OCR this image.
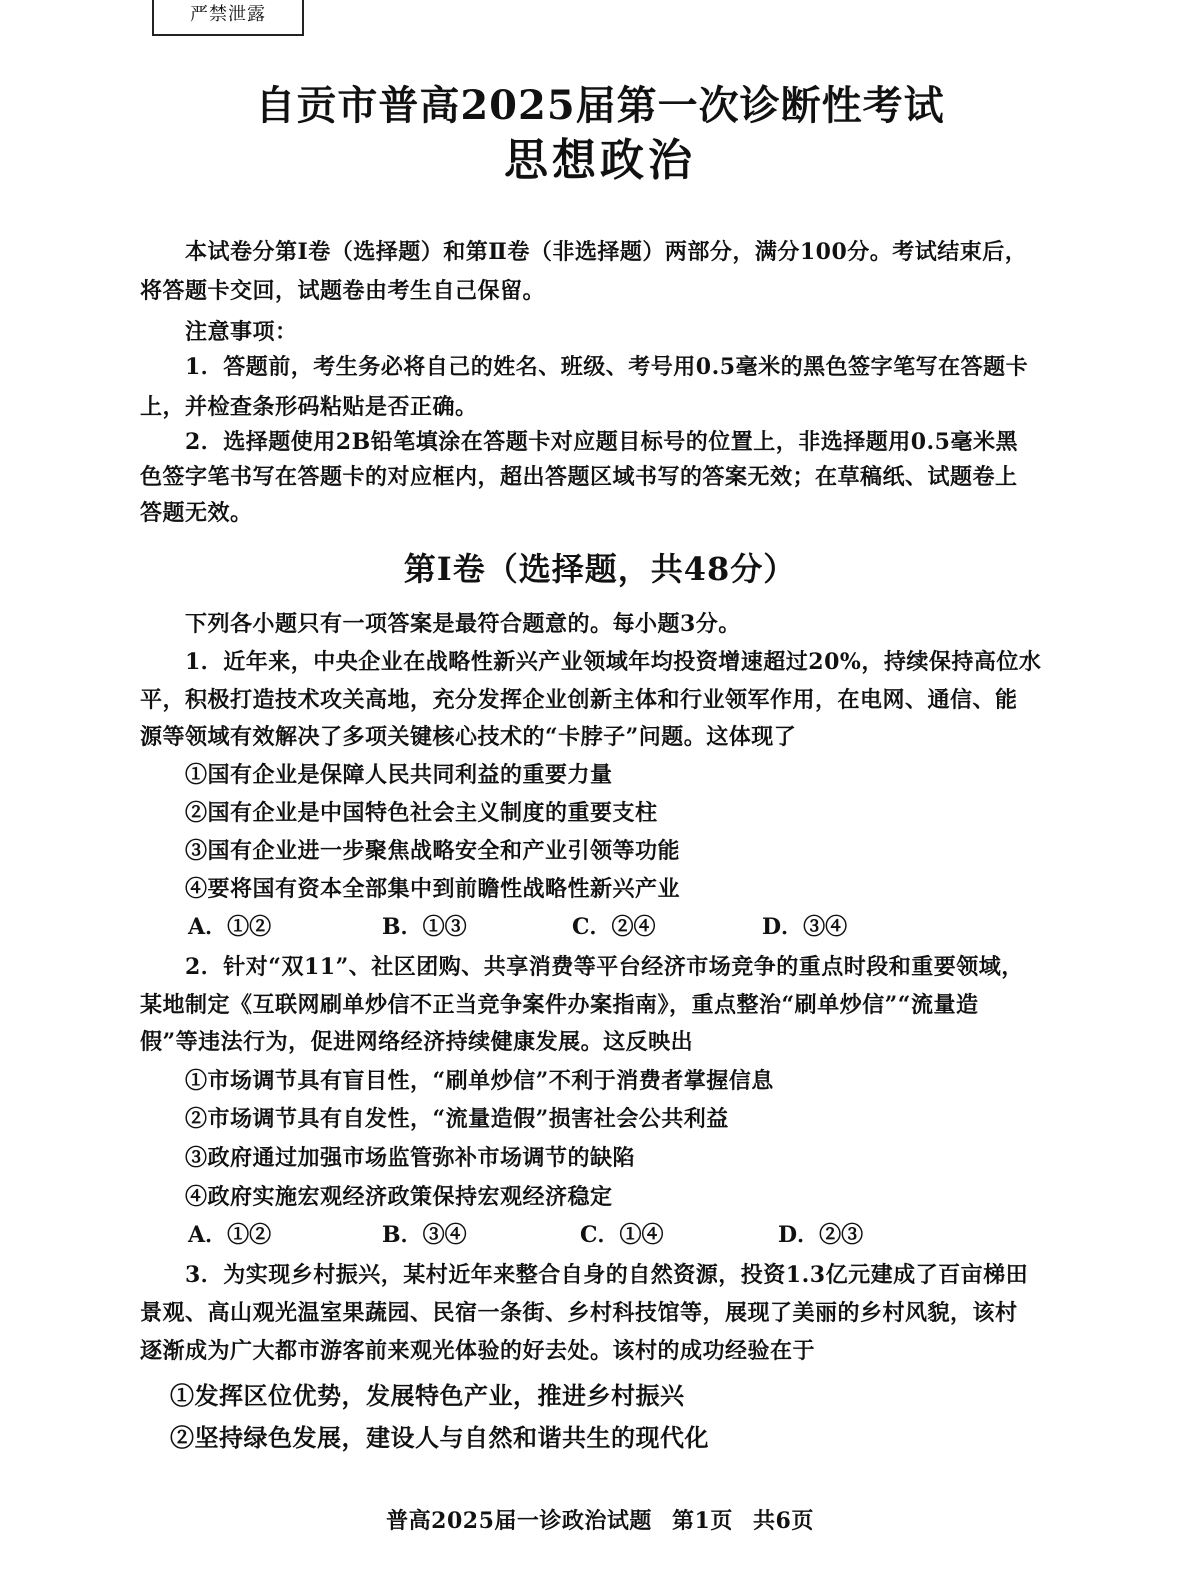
严禁泄露
自贡市普高2025届第一次诊断性考试
思想政治
本试卷分第Ⅰ卷（选择题）和第Ⅱ卷（非选择题）两部分，满分100分。考试结束后，
将答题卡交回，试题卷由考生自己保留。
注意事项：
1．答题前，考生务必将自己的姓名、班级、考号用0.5毫米的黑色签字笔写在答题卡
上，并检查条形码粘贴是否正确。
2．选择题使用2B铅笔填涂在答题卡对应题目标号的位置上，非选择题用0.5毫米黑
色签字笔书写在答题卡的对应框内，超出答题区域书写的答案无效；在草稿纸、试题卷上
答题无效。
第Ⅰ卷（选择题，共48分）
下列各小题只有一项答案是最符合题意的。每小题3分。
1．近年来，中央企业在战略性新兴产业领域年均投资增速超过20%，持续保持高位水
平，积极打造技术攻关高地，充分发挥企业创新主体和行业领军作用，在电网、通信、能
源等领域有效解决了多项关键核心技术的“卡脖子”问题。这体现了
①国有企业是保障人民共同利益的重要力量
②国有企业是中国特色社会主义制度的重要支柱
③国有企业进一步聚焦战略安全和产业引领等功能
④要将国有资本全部集中到前瞻性战略性新兴产业
A．①②	B．①③	C．②④	D．③④
2．针对“双11”、社区团购、共享消费等平台经济市场竞争的重点时段和重要领域，
某地制定《互联网刷单炒信不正当竞争案件办案指南》，重点整治“刷单炒信”“流量造
假”等违法行为，促进网络经济持续健康发展。这反映出
①市场调节具有盲目性，“刷单炒信”不利于消费者掌握信息
②市场调节具有自发性，“流量造假”损害社会公共利益
③政府通过加强市场监管弥补市场调节的缺陷
④政府实施宏观经济政策保持宏观经济稳定
A．①②	B．③④	C．①④	D．②③
3．为实现乡村振兴，某村近年来整合自身的自然资源，投资1.3亿元建成了百亩梯田
景观、高山观光温室果蔬园、民宿一条街、乡村科技馆等，展现了美丽的乡村风貌，该村
逐渐成为广大都市游客前来观光体验的好去处。该村的成功经验在于
①发挥区位优势，发展特色产业，推进乡村振兴
②坚持绿色发展，建设人与自然和谐共生的现代化
普高2025届一诊政治试题 第1页 共6页
